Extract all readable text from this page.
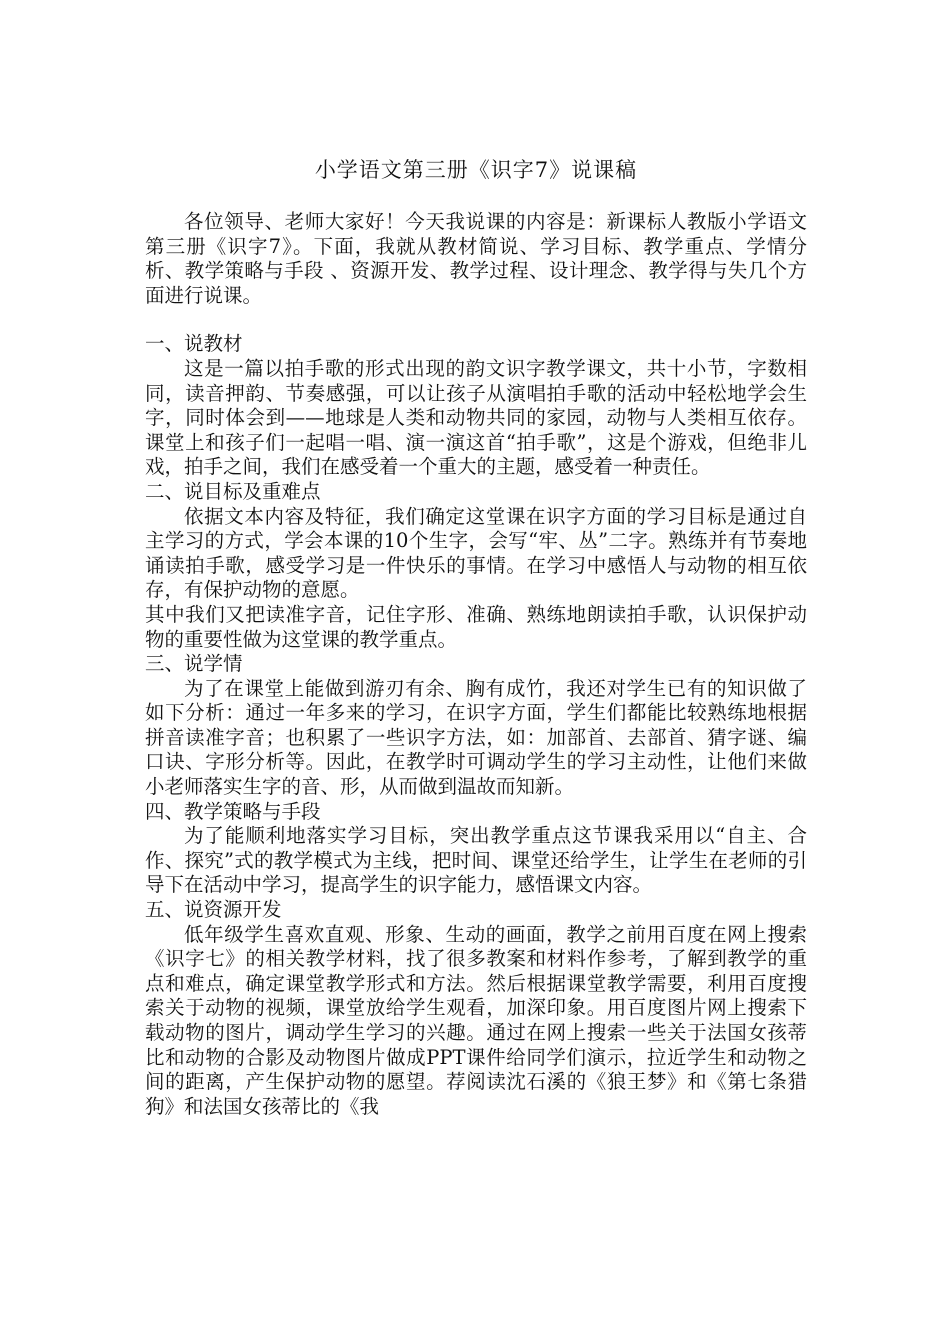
小学语文第三册《识字7》说课稿

各位领导、老师大家好！今天我说课的内容是：新课标人教版小学语文第三册《识字7》。下面，我就从教材简说、学习目标、教学重点、学情分析、教学策略与手段 、资源开发、教学过程、设计理念、教学得与失几个方面进行说课。

一、说教材

这是一篇以拍手歌的形式出现的韵文识字教学课文，共十小节，字数相同，读音押韵、节奏感强，可以让孩子从演唱拍手歌的活动中轻松地学会生字，同时体会到——地球是人类和动物共同的家园，动物与人类相互依存。课堂上和孩子们一起唱一唱、演一演这首“拍手歌”，这是个游戏，但绝非儿戏，拍手之间，我们在感受着一个重大的主题，感受着一种责任。

二、说目标及重难点

依据文本内容及特征，我们确定这堂课在识字方面的学习目标是通过自主学习的方式，学会本课的10个生字，会写“牢、丛”二字。熟练并有节奏地诵读拍手歌，感受学习是一件快乐的事情。在学习中感悟人与动物的相互依存，有保护动物的意愿。

其中我们又把读准字音，记住字形、准确、熟练地朗读拍手歌，认识保护动物的重要性做为这堂课的教学重点。

三、说学情

为了在课堂上能做到游刃有余、胸有成竹，我还对学生已有的知识做了如下分析：通过一年多来的学习，在识字方面，学生们都能比较熟练地根据拼音读准字音；也积累了一些识字方法，如：加部首、去部首、猜字谜、编口诀、字形分析等。因此，在教学时可调动学生的学习主动性，让他们来做小老师落实生字的音、形，从而做到温故而知新。

四、教学策略与手段

为了能顺利地落实学习目标，突出教学重点这节课我采用以“自主、合作、探究”式的教学模式为主线，把时间、课堂还给学生，让学生在老师的引导下在活动中学习，提高学生的识字能力，感悟课文内容。

五、说资源开发

低年级学生喜欢直观、形象、生动的画面，教学之前用百度在网上搜索《识字七》的相关教学材料，找了很多教案和材料作参考，了解到教学的重点和难点，确定课堂教学形式和方法。然后根据课堂教学需要，利用百度搜索关于动物的视频，课堂放给学生观看，加深印象。用百度图片网上搜索下载动物的图片，调动学生学习的兴趣。通过在网上搜索一些关于法国女孩蒂比和动物的合影及动物图片做成PPT课件给同学们演示，拉近学生和动物之间的距离，产生保护动物的愿望。荐阅读沈石溪的《狼王梦》和《第七条猎狗》和法国女孩蒂比的《我
